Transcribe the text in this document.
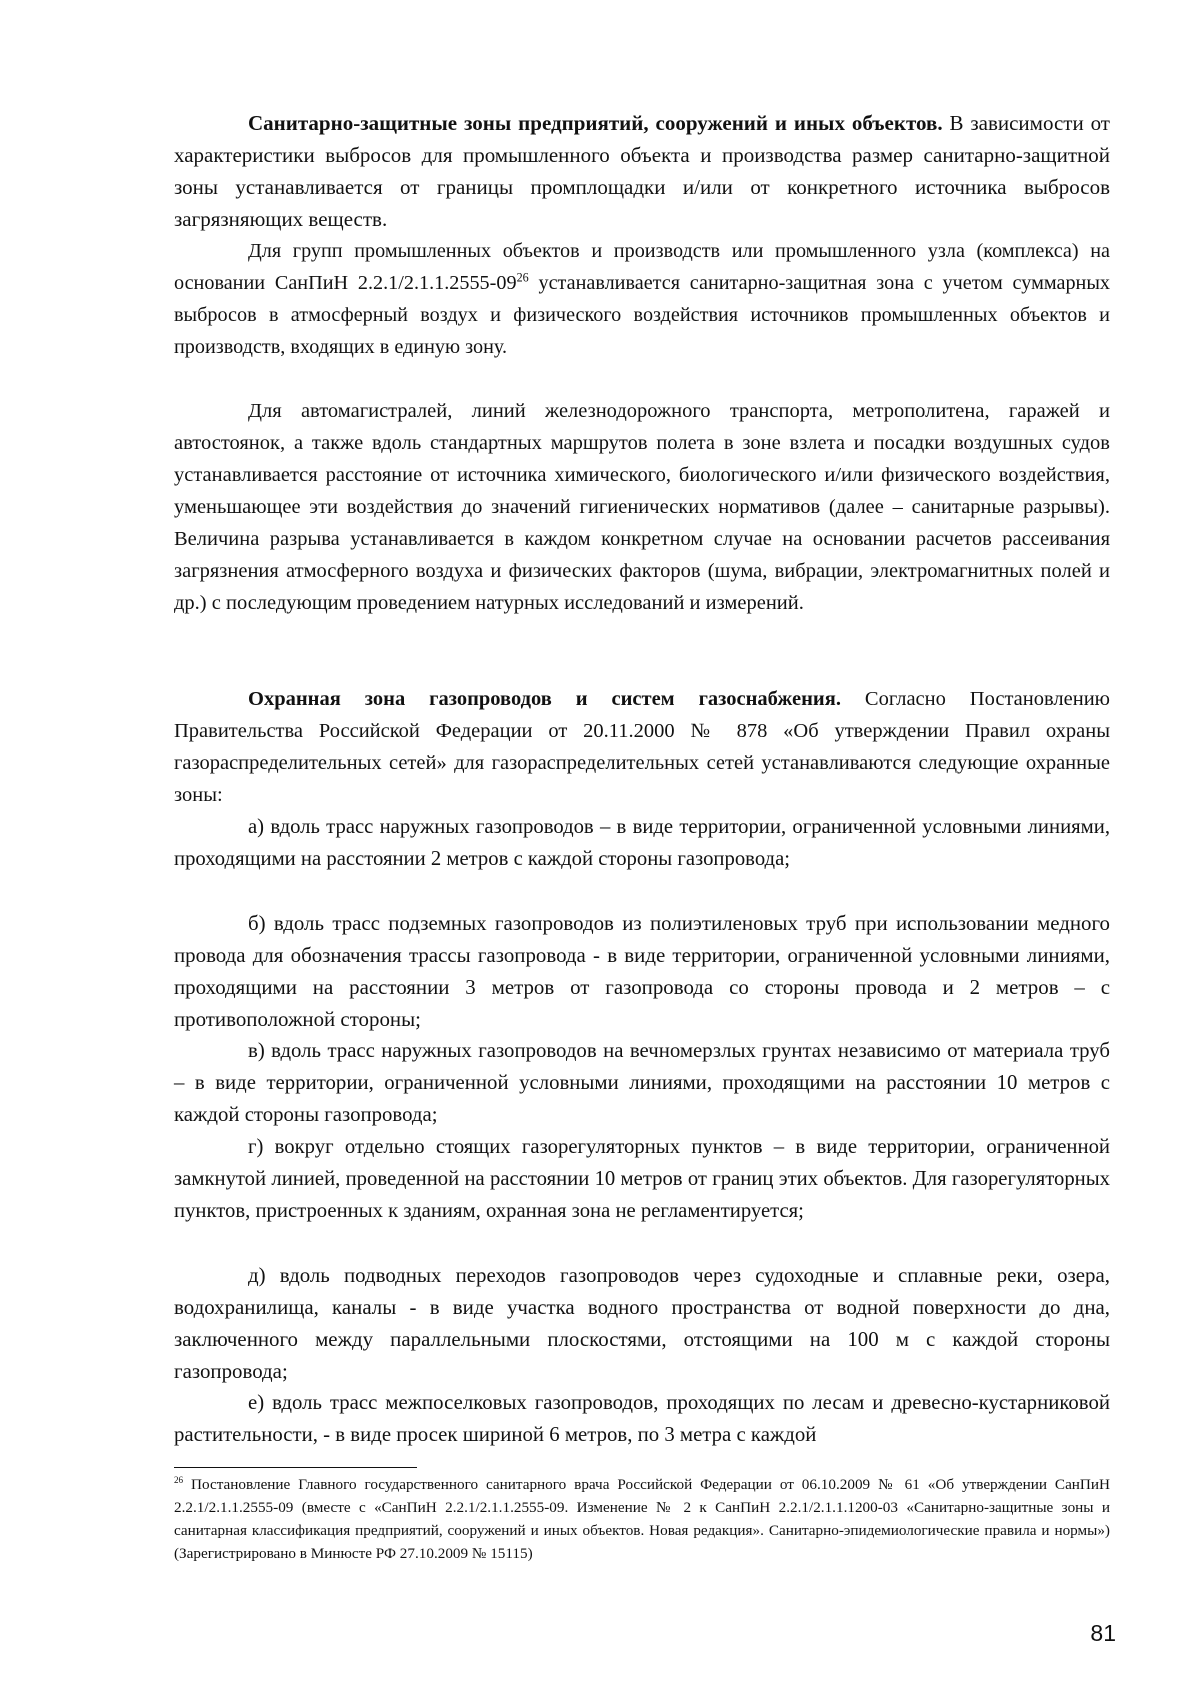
Санитарно-защитные зоны предприятий, сооружений и иных объектов. В зависимости от характеристики выбросов для промышленного объекта и производства размер санитарно-защитной зоны устанавливается от границы промплощадки и/или от конкретного источника выбросов загрязняющих веществ.

Для групп промышленных объектов и производств или промышленного узла (комплекса) на основании СанПиН $2.2.1/2.1.1.2555-09^{26}$ устанавливается санитарно-защитная зона с учетом суммарных выбросов в атмосферный воздух и физического воздействия источников промышленных объектов и производств, входящих в единую зону.

Для автомагистралей, линий железнодорожного транспорта, метрополитена, гаражей и автостоянок, а также вдоль стандартных маршрутов полета в зоне взлета и посадки воздушных судов устанавливается расстояние от источника химического, биологического и/или физического воздействия, уменьшающее эти воздействия до значений гигиенических нормативов (далее – санитарные разрывы). Величина разрыва устанавливается в каждом конкретном случае на основании расчетов рассеивания загрязнения атмосферного воздуха и физических факторов (шума, вибрации, электромагнитных полей и др.) с последующим проведением натурных исследований и измерений.

Охранная зона газопроводов и систем газоснабжения. Согласно Постановлению Правительства Российской Федерации от 20.11.2000 № 878 «Об утверждении Правил охраны газораспределительных сетей» для газораспределительных сетей устанавливаются следующие охранные зоны:

а) вдоль трасс наружных газопроводов – в виде территории, ограниченной условными линиями, проходящими на расстоянии 2 метров с каждой стороны газопровода;

б) вдоль трасс подземных газопроводов из полиэтиленовых труб при использовании медного провода для обозначения трассы газопровода - в виде территории, ограниченной условными линиями, проходящими на расстоянии 3 метров от газопровода со стороны провода и 2 метров – с противоположной стороны;

в) вдоль трасс наружных газопроводов на вечномерзлых грунтах независимо от материала труб – в виде территории, ограниченной условными линиями, проходящими на расстоянии 10 метров с каждой стороны газопровода;

г) вокруг отдельно стоящих газорегуляторных пунктов – в виде территории, ограниченной замкнутой линией, проведенной на расстоянии 10 метров от границ этих объектов. Для газорегуляторных пунктов, пристроенных к зданиям, охранная зона не регламентируется;

д) вдоль подводных переходов газопроводов через судоходные и сплавные реки, озера, водохранилища, каналы - в виде участка водного пространства от водной поверхности до дна, заключенного между параллельными плоскостями, отстоящими на 100 м с каждой стороны газопровода;

е) вдоль трасс межпоселковых газопроводов, проходящих по лесам и древесно-кустарниковой растительности, - в виде просек шириной 6 метров, по 3 метра с каждой

$^{26}$ Постановление Главного государственного санитарного врача Российской Федерации от 06.10.2009 № 61 «Об утверждении СанПиН 2.2.1/2.1.1.2555-09 (вместе с «СанПиН 2.2.1/2.1.1.2555-09. Изменение № 2 к СанПиН 2.2.1/2.1.1.1200-03 «Санитарно-защитные зоны и санитарная классификация предприятий, сооружений и иных объектов. Новая редакция». Санитарно-эпидемиологические правила и нормы»)(Зарегистрировано в Минюсте РФ 27.10.2009 № 15115)

81
